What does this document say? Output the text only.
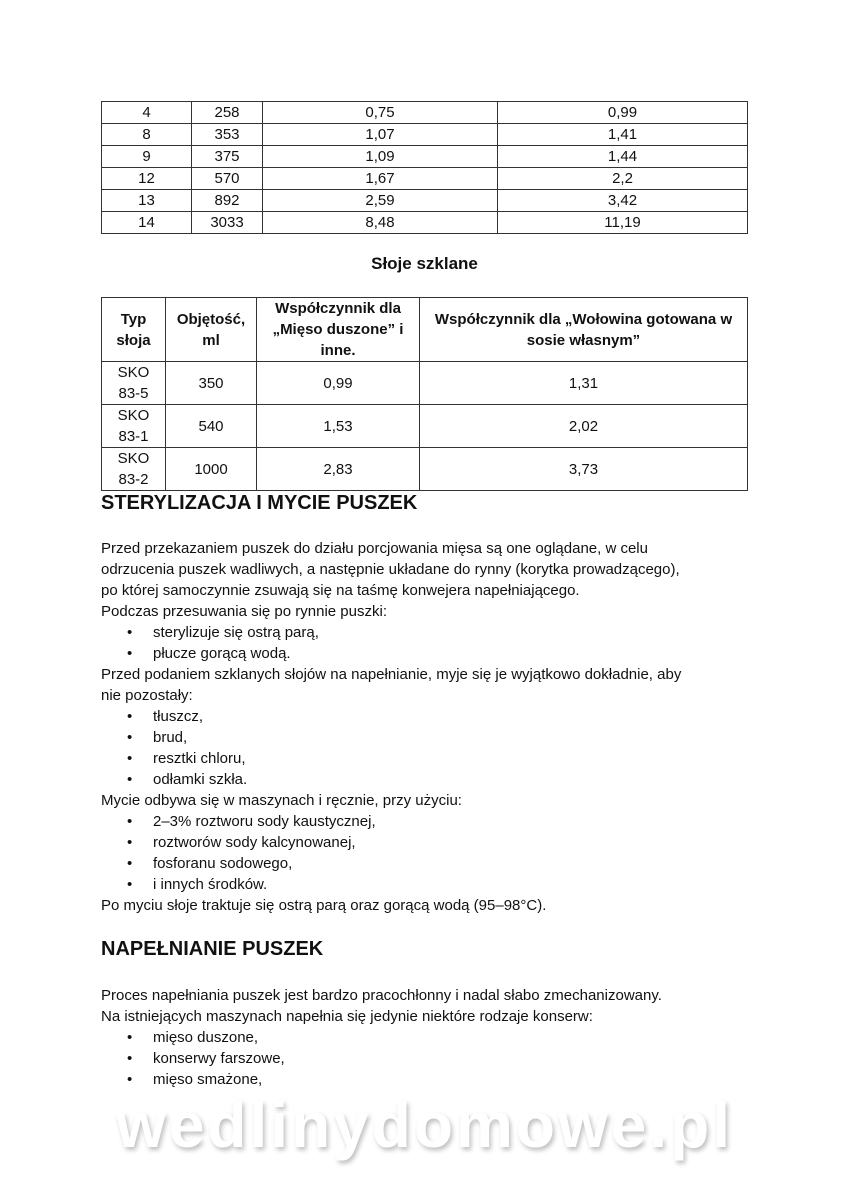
4	258	0,75	0,99
8	353	1,07	1,41
9	375	1,09	1,44
12	570	1,67	2,2
13	892	2,59	3,42
14	3033	8,48	11,19
Słoje szklane
Typ słoja	Objętość, ml	Współczynnik dla „Mięso duszone” i inne.	Współczynnik dla „Wołowina gotowana w sosie własnym”
SKO 83-5	350	0,99	1,31
SKO 83-1	540	1,53	2,02
SKO 83-2	1000	2,83	3,73
STERYLIZACJA I MYCIE PUSZEK
Przed przekazaniem puszek do działu porcjowania mięsa są one oglądane, w celu
odrzucenia puszek wadliwych, a następnie układane do rynny (korytka prowadzącego),
po której samoczynnie zsuwają się na taśmę konwejera napełniającego.
Podczas przesuwania się po rynnie puszki:
• sterylizuje się ostrą parą,
• płucze gorącą wodą.
Przed podaniem szklanych słojów na napełnianie, myje się je wyjątkowo dokładnie, aby
nie pozostały:
• tłuszcz,
• brud,
• resztki chloru,
• odłamki szkła.
Mycie odbywa się w maszynach i ręcznie, przy użyciu:
• 2–3% roztworu sody kaustycznej,
• roztworów sody kalcynowanej,
• fosforanu sodowego,
• i innych środków.
Po myciu słoje traktuje się ostrą parą oraz gorącą wodą (95–98°C).
NAPEŁNIANIE PUSZEK
Proces napełniania puszek jest bardzo pracochłonny i nadal słabo zmechanizowany.
Na istniejących maszynach napełnia się jedynie niektóre rodzaje konserw:
• mięso duszone,
• konserwy farszowe,
• mięso smażone,
wedlinydomowe.pl
